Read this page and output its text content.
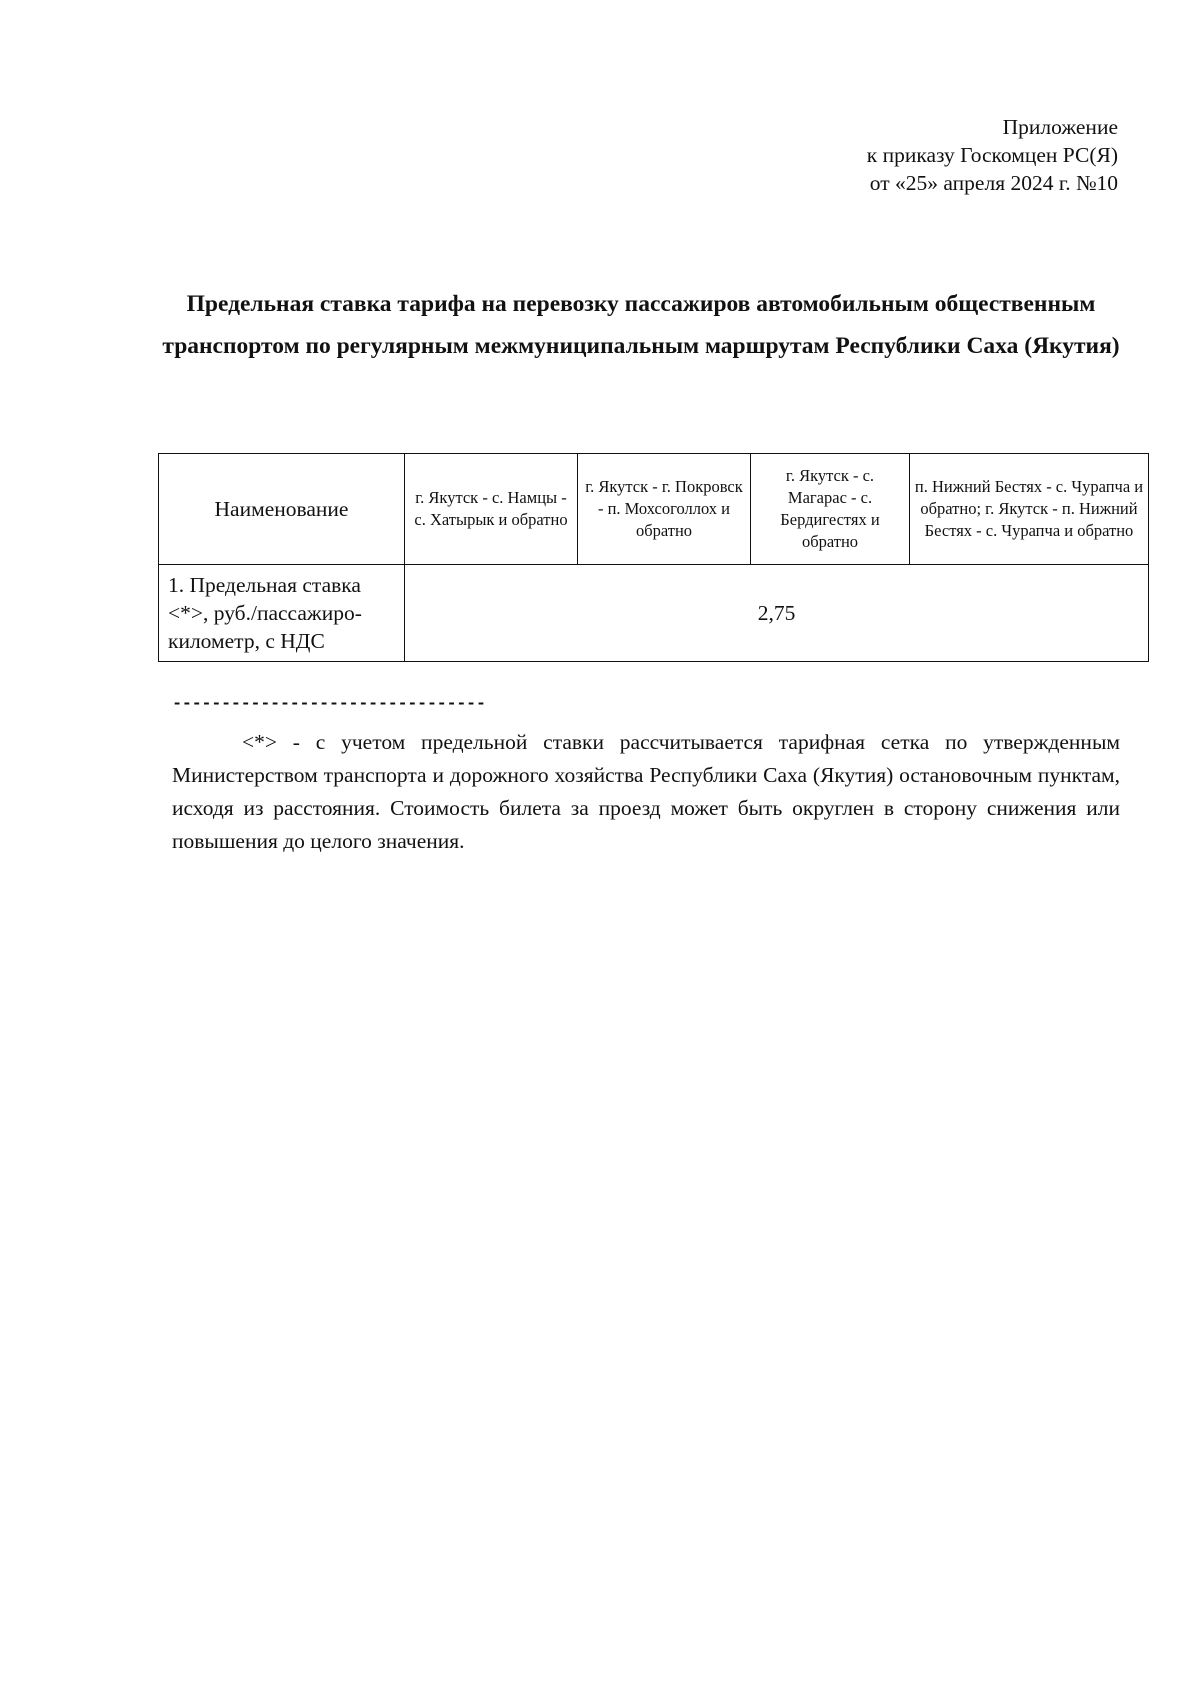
Приложение
к приказу Госкомцен РС(Я)
от «25» апреля 2024 г. №10
Предельная ставка тарифа на перевозку пассажиров автомобильным общественным транспортом по регулярным межмуниципальным маршрутам Республики Саха (Якутия)
Наименование	г. Якутск - с. Намцы - с. Хатырык и обратно	г. Якутск - г. Покровск - п. Мохсоголлох и обратно	г. Якутск - с. Магарас - с. Бердигестях и обратно	п. Нижний Бестях - с. Чурапча и обратно; г. Якутск - п. Нижний Бестях - с. Чурапча и обратно
1. Предельная ставка <*>, руб./пассажиро-километр, с НДС	2,75			
--------------------------------
<*> - с учетом предельной ставки рассчитывается тарифная сетка по утвержденным Министерством транспорта и дорожного хозяйства Республики Саха (Якутия) остановочным пунктам, исходя из расстояния. Стоимость билета за проезд может быть округлен в сторону снижения или повышения до целого значения.
